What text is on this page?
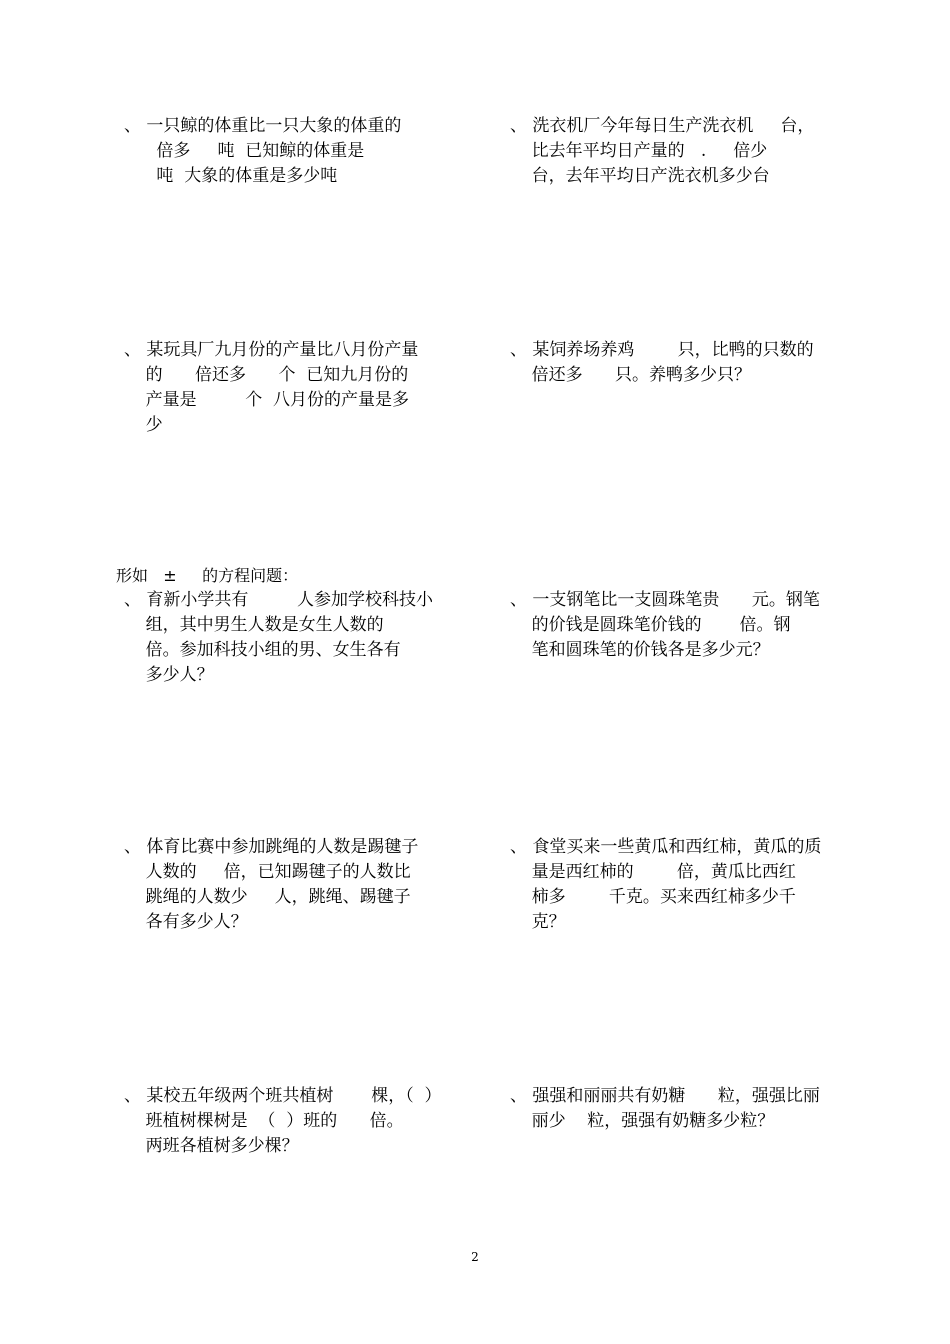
、 一只鲸的体重比一只大象的体重的
倍多     吨  已知鲸的体重是
吨  大象的体重是多少吨
、 洗衣机厂今年每日生产洗衣机     台，
比去年平均日产量的   .     倍少
台，去年平均日产洗衣机多少台
、 某玩具厂九月份的产量比八月份产量
的      倍还多      个  已知九月份的
产量是         个  八月份的产量是多
少
、 某饲养场养鸡        只，比鸭的只数的
倍还多      只。养鸭多少只？
形如   ±     的方程问题：
、 育新小学共有         人参加学校科技小
组，其中男生人数是女生人数的
倍。参加科技小组的男、女生各有
多少人？
、 一支钢笔比一支圆珠笔贵      元。钢笔
的价钱是圆珠笔价钱的       倍。钢
笔和圆珠笔的价钱各是多少元？
、 体育比赛中参加跳绳的人数是踢毽子
人数的     倍，已知踢毽子的人数比
跳绳的人数少     人，跳绳、踢毽子
各有多少人？
、 食堂买来一些黄瓜和西红柿，黄瓜的质
量是西红柿的        倍，黄瓜比西红
柿多        千克。买来西红柿多少千
克？
、 某校五年级两个班共植树       棵，（  ）
班植树棵树是  （  ）班的      倍。
两班各植树多少棵？
、 强强和丽丽共有奶糖      粒，强强比丽
丽少    粒，强强有奶糖多少粒？
2
